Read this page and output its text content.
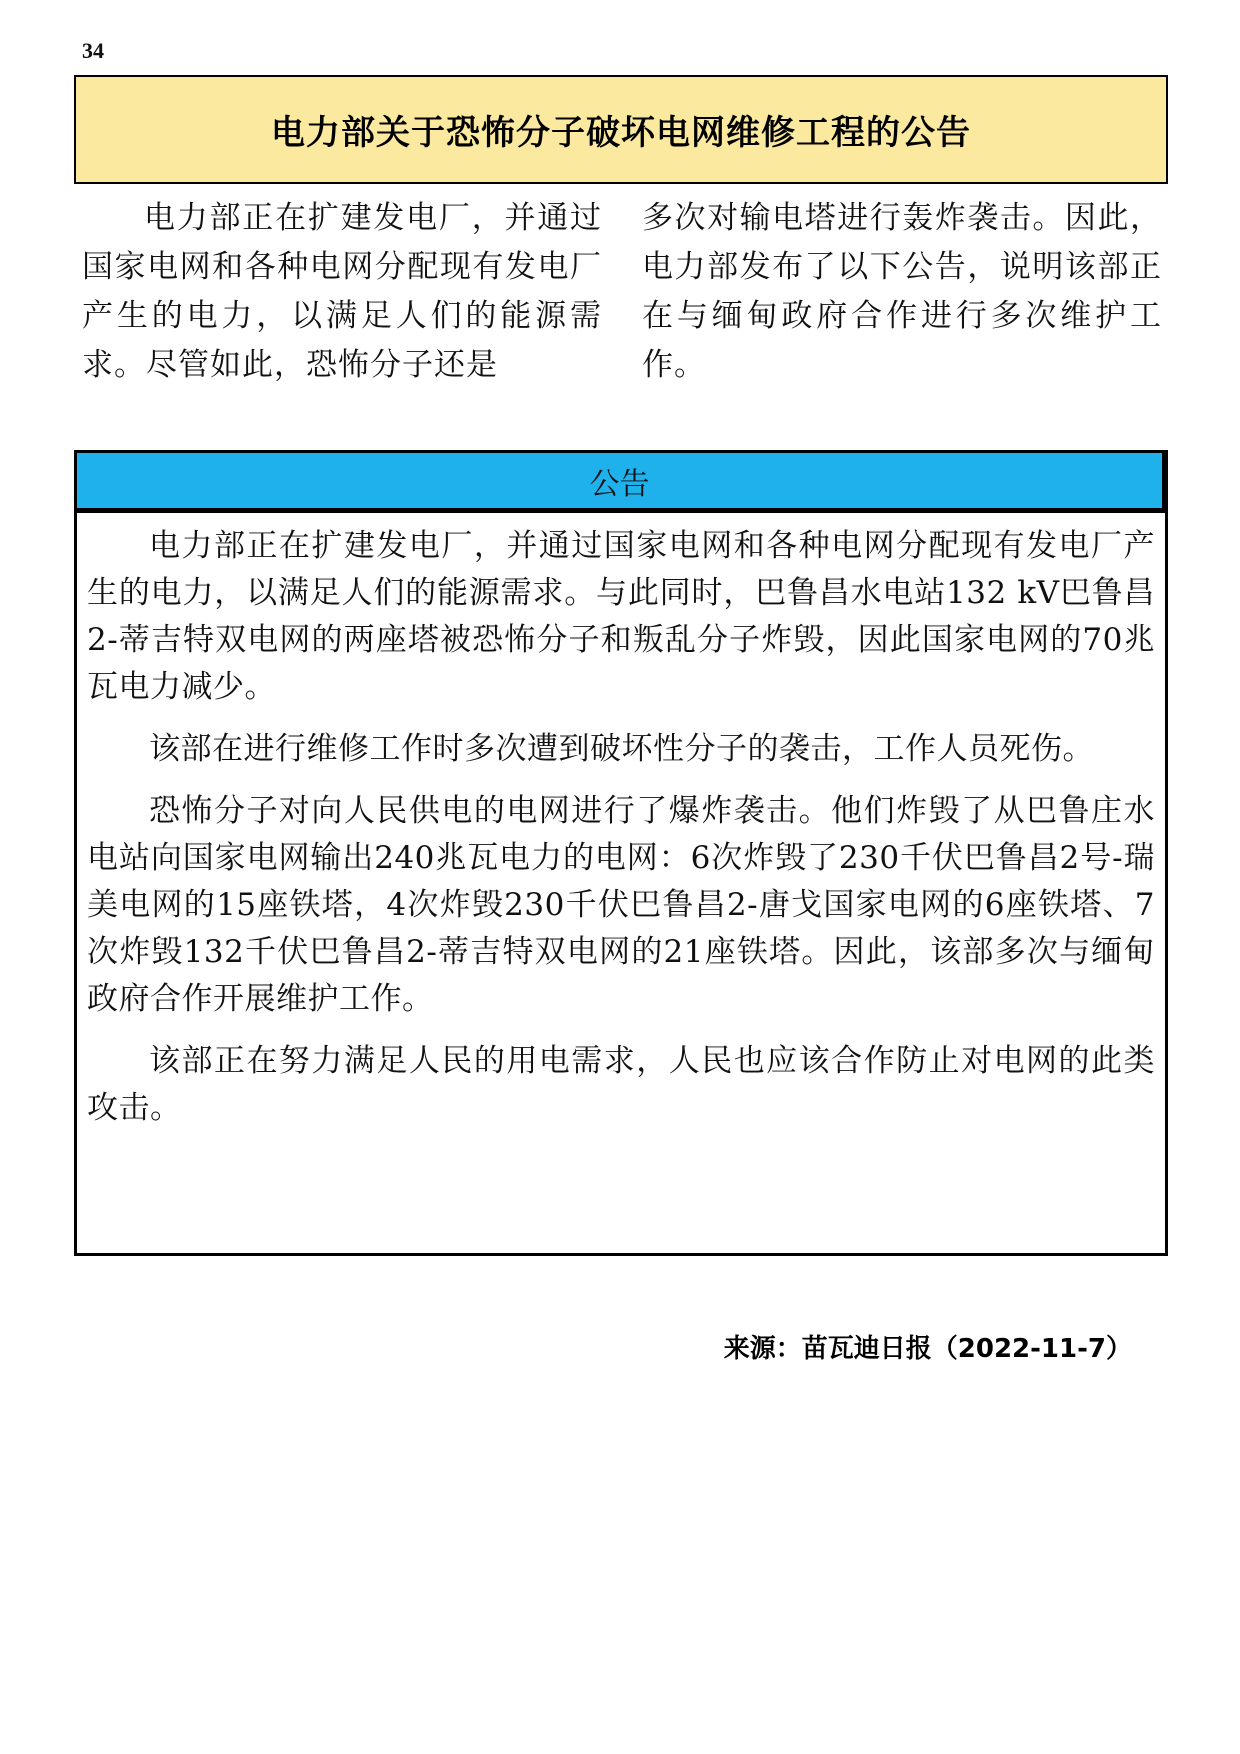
34
电力部关于恐怖分子破坏电网维修工程的公告

电力部正在扩建发电厂，并通过国家电网和各种电网分配现有发电厂产生的电力，以满足人们的能源需求。尽管如此，恐怖分子还是

多次对输电塔进行轰炸袭击。因此，电力部发布了以下公告，说明该部正在与缅甸政府合作进行多次维护工作。

公告

电力部正在扩建发电厂，并通过国家电网和各种电网分配现有发电厂产生的电力，以满足人们的能源需求。与此同时，巴鲁昌水电站132 kV巴鲁昌2-蒂吉特双电网的两座塔被恐怖分子和叛乱分子炸毁，因此国家电网的70兆瓦电力减少。

该部在进行维修工作时多次遭到破坏性分子的袭击，工作人员死伤。

恐怖分子对向人民供电的电网进行了爆炸袭击。他们炸毁了从巴鲁庄水电站向国家电网输出240兆瓦电力的电网：6次炸毁了230千伏巴鲁昌2号-瑞美电网的15座铁塔，4次炸毁230千伏巴鲁昌2-唐戈国家电网的6座铁塔、7次炸毁132千伏巴鲁昌2-蒂吉特双电网的21座铁塔。因此，该部多次与缅甸政府合作开展维护工作。

该部正在努力满足人民的用电需求，人民也应该合作防止对电网的此类攻击。

来源：苗瓦迪日报（2022-11-7）
